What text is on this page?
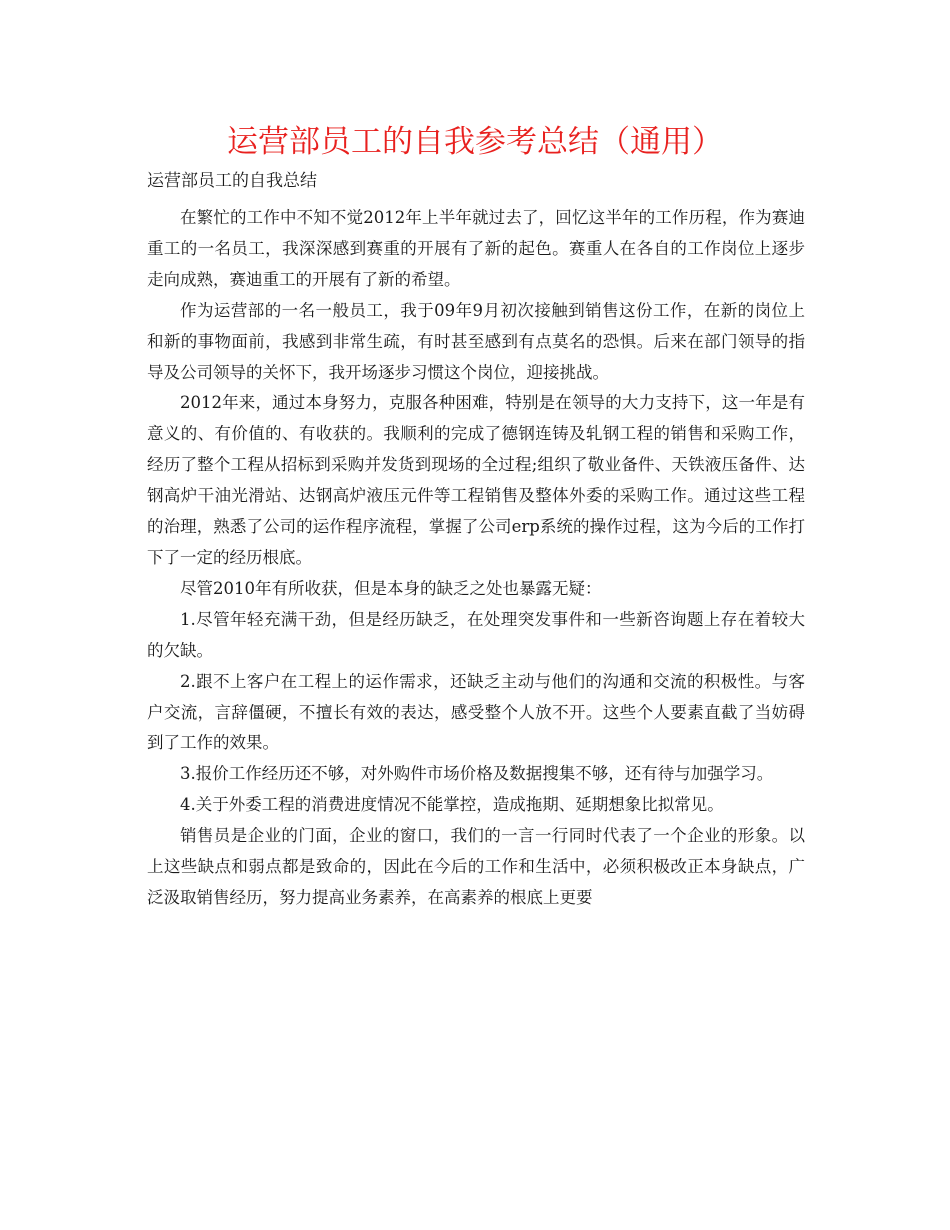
运营部员工的自我参考总结（通用）
运营部员工的自我总结

在繁忙的工作中不知不觉2012年上半年就过去了，回忆这半年的工作历程，作为赛迪重工的一名员工，我深深感到赛重的开展有了新的起色。赛重人在各自的工作岗位上逐步走向成熟，赛迪重工的开展有了新的希望。

作为运营部的一名一般员工，我于09年9月初次接触到销售这份工作，在新的岗位上和新的事物面前，我感到非常生疏，有时甚至感到有点莫名的恐惧。后来在部门领导的指导及公司领导的关怀下，我开场逐步习惯这个岗位，迎接挑战。

2012年来，通过本身努力，克服各种困难，特别是在领导的大力支持下，这一年是有意义的、有价值的、有收获的。我顺利的完成了德钢连铸及轧钢工程的销售和采购工作，经历了整个工程从招标到采购并发货到现场的全过程;组织了敬业备件、天铁液压备件、达钢高炉干油光滑站、达钢高炉液压元件等工程销售及整体外委的采购工作。通过这些工程的治理，熟悉了公司的运作程序流程，掌握了公司erp系统的操作过程，这为今后的工作打下了一定的经历根底。

尽管2010年有所收获，但是本身的缺乏之处也暴露无疑：

1.尽管年轻充满干劲，但是经历缺乏，在处理突发事件和一些新咨询题上存在着较大的欠缺。

2.跟不上客户在工程上的运作需求，还缺乏主动与他们的沟通和交流的积极性。与客户交流，言辞僵硬，不擅长有效的表达，感受整个人放不开。这些个人要素直截了当妨碍到了工作的效果。

3.报价工作经历还不够，对外购件市场价格及数据搜集不够，还有待与加强学习。

4.关于外委工程的消费进度情况不能掌控，造成拖期、延期想象比拟常见。

销售员是企业的门面，企业的窗口，我们的一言一行同时代表了一个企业的形象。以上这些缺点和弱点都是致命的，因此在今后的工作和生活中，必须积极改正本身缺点，广泛汲取销售经历，努力提高业务素养，在高素养的根底上更要
